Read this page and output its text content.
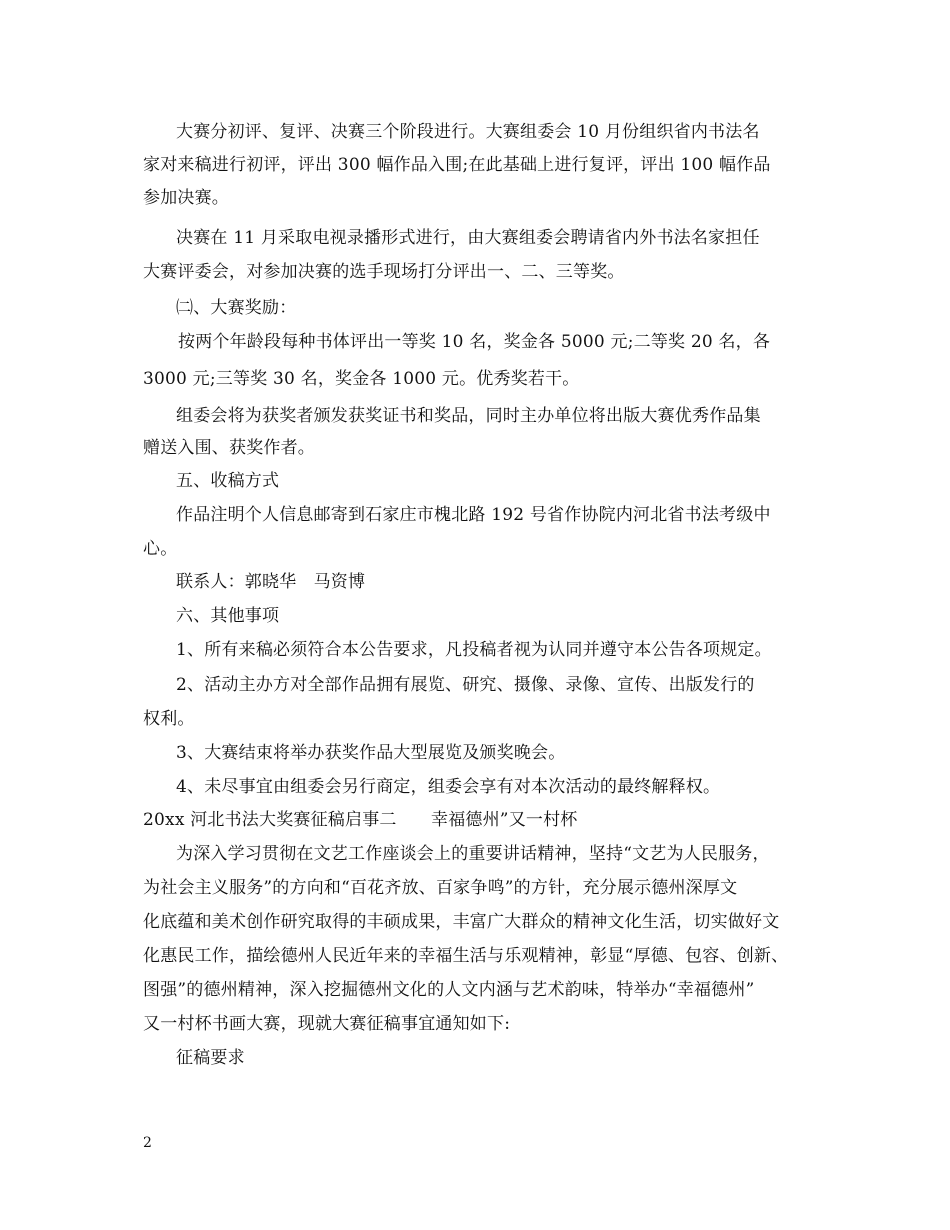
大赛分初评、复评、决赛三个阶段进行。大赛组委会 10 月份组织省内书法名
家对来稿进行初评，评出 300 幅作品入围;在此基础上进行复评，评出 100 幅作品
参加决赛。
决赛在 11 月采取电视录播形式进行，由大赛组委会聘请省内外书法名家担任
大赛评委会，对参加决赛的选手现场打分评出一、二、三等奖。
㈡、大赛奖励：
按两个年龄段每种书体评出一等奖 10 名，奖金各 5000 元;二等奖 20 名，各
3000 元;三等奖 30 名，奖金各 1000 元。优秀奖若干。
组委会将为获奖者颁发获奖证书和奖品，同时主办单位将出版大赛优秀作品集
赠送入围、获奖作者。
五、收稿方式
作品注明个人信息邮寄到石家庄市槐北路 192 号省作协院内河北省书法考级中
心。
联系人：郭晓华　马资博
六、其他事项
1、所有来稿必须符合本公告要求，凡投稿者视为认同并遵守本公告各项规定。
2、活动主办方对全部作品拥有展览、研究、摄像、录像、宣传、出版发行的
权利。
3、大赛结束将举办获奖作品大型展览及颁奖晚会。
4、未尽事宜由组委会另行商定，组委会享有对本次活动的最终解释权。
20xx 河北书法大奖赛征稿启事二　　幸福德州”又一村杯
为深入学习贯彻在文艺工作座谈会上的重要讲话精神，坚持“文艺为人民服务，
为社会主义服务”的方向和“百花齐放、百家争鸣”的方针，充分展示德州深厚文
化底蕴和美术创作研究取得的丰硕成果，丰富广大群众的精神文化生活，切实做好文
化惠民工作，描绘德州人民近年来的幸福生活与乐观精神，彰显“厚德、包容、创新、
图强”的德州精神，深入挖掘德州文化的人文内涵与艺术韵味，特举办“幸福德州”
又一村杯书画大赛，现就大赛征稿事宜通知如下:
征稿要求
2
